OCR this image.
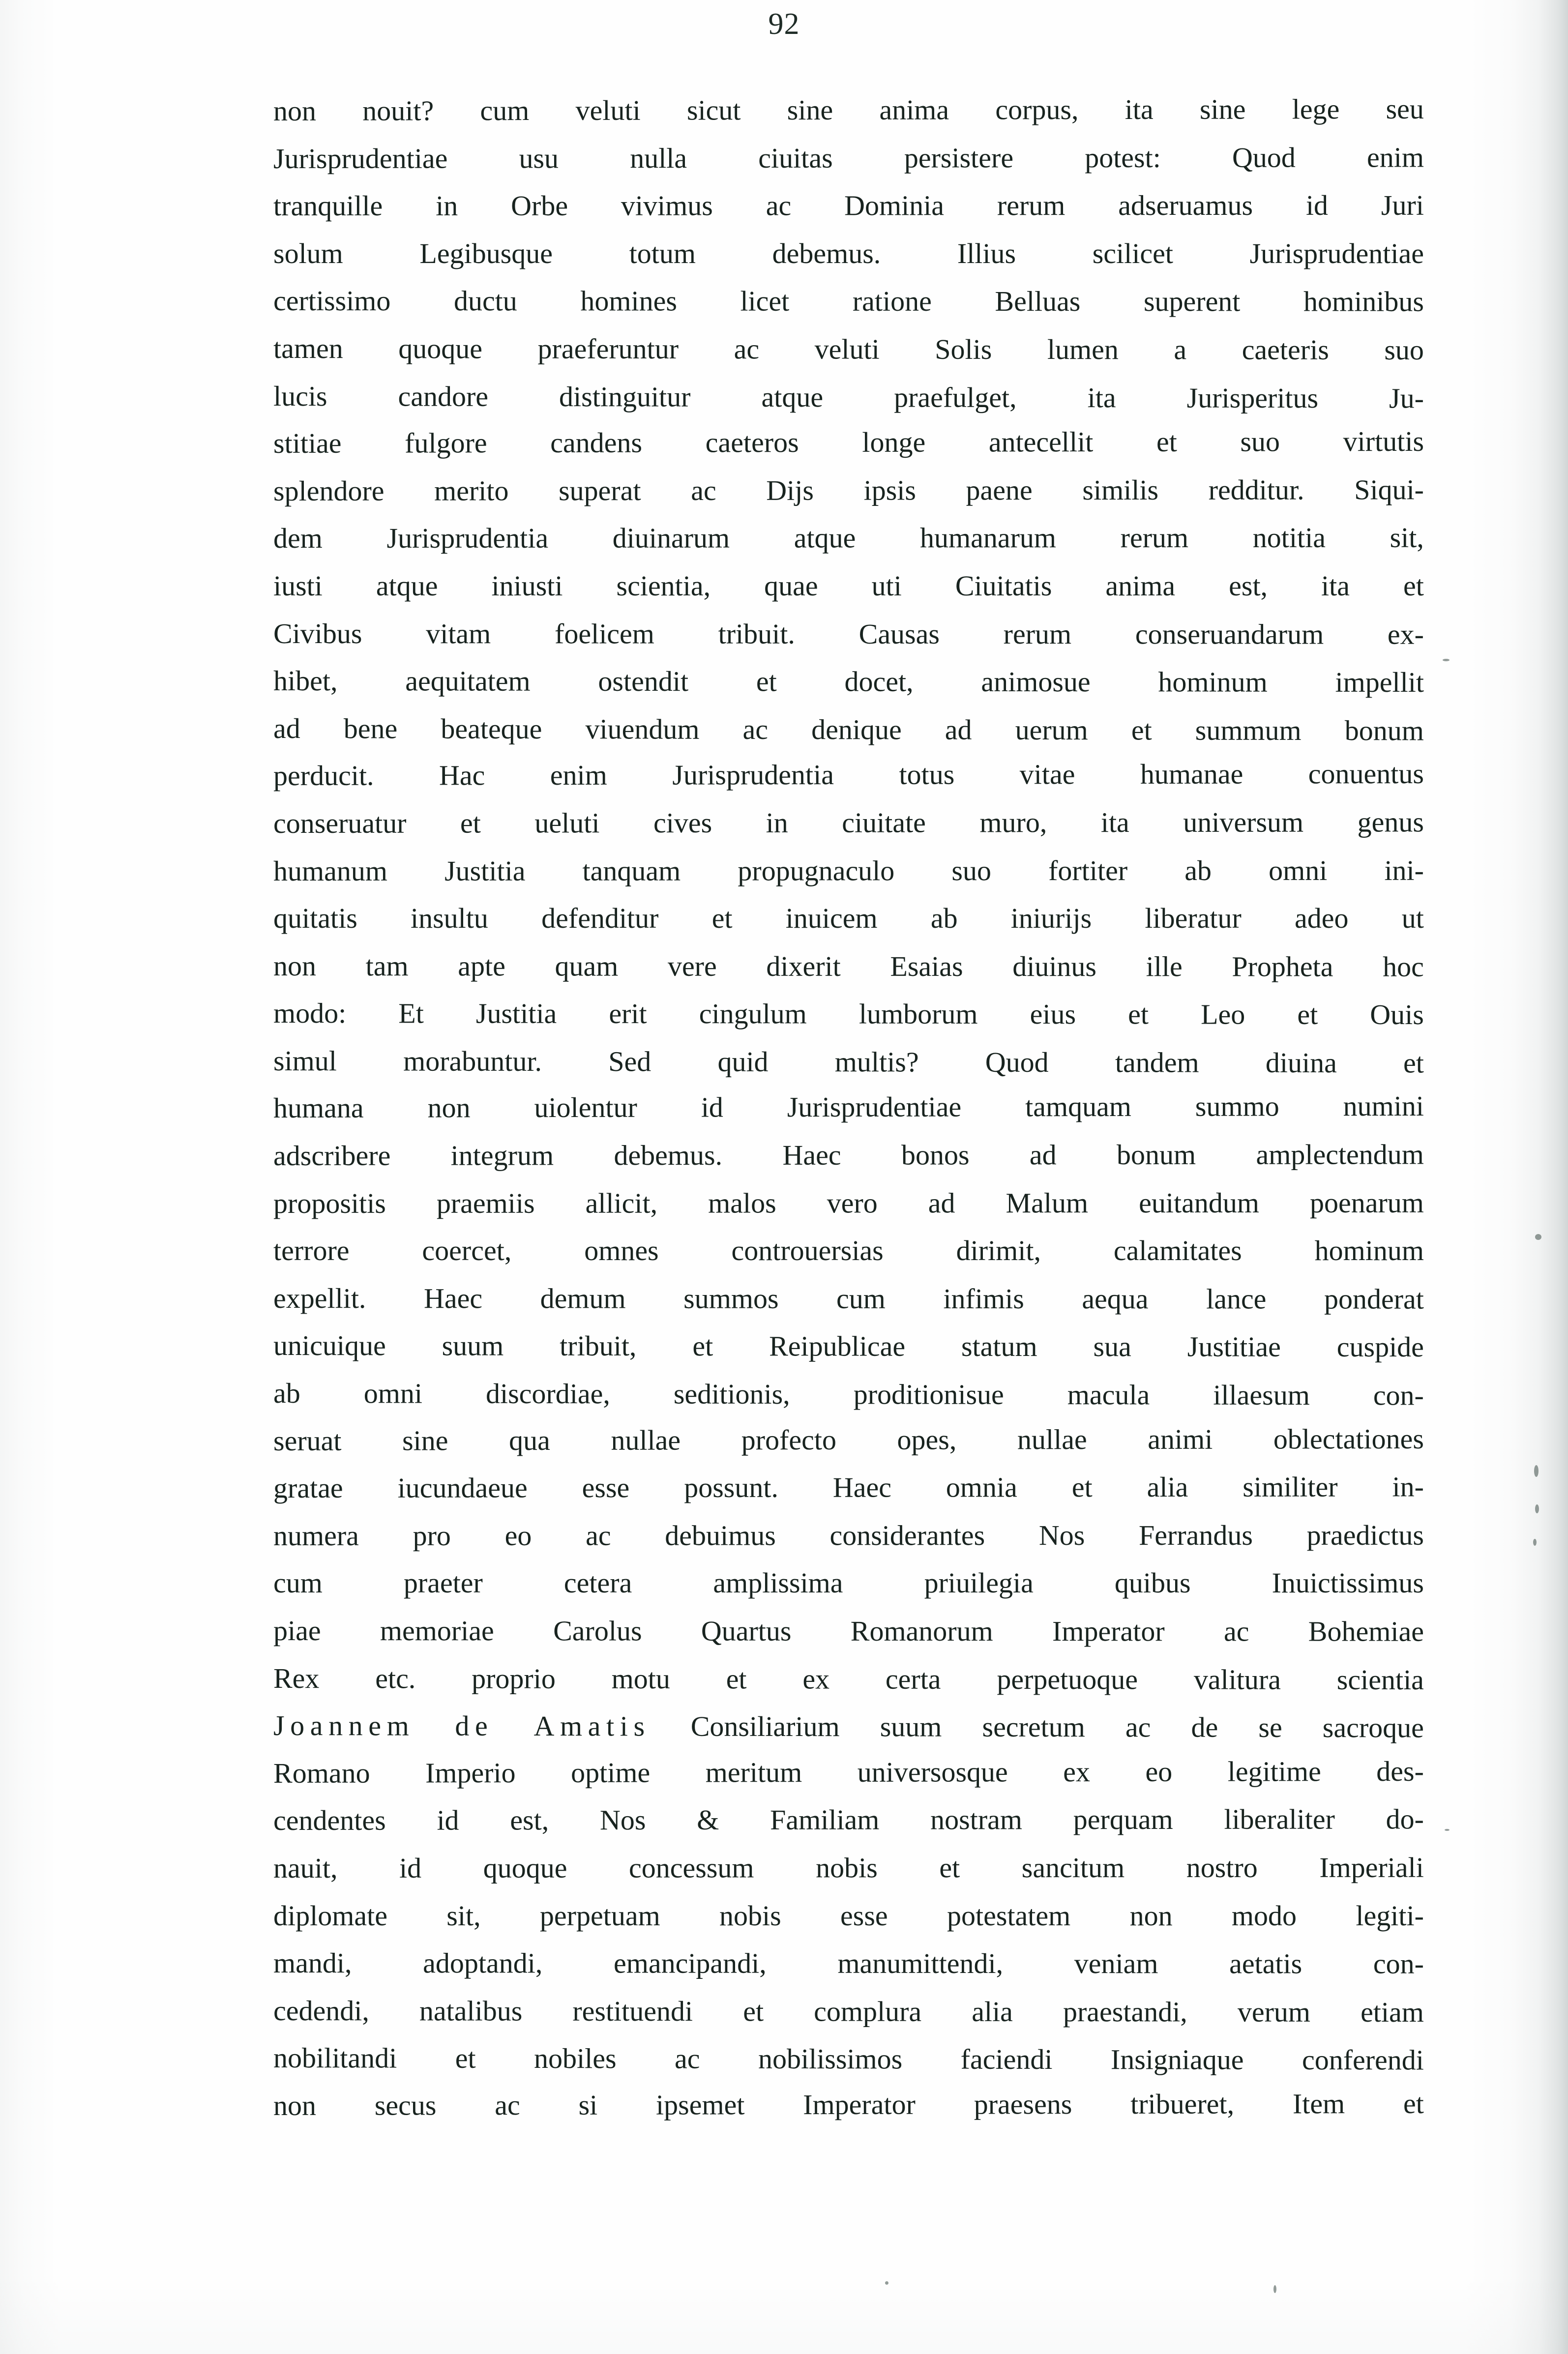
92
non nouit? cum veluti sicut sine anima corpus, ita sine lege seu
Jurisprudentiae	usu	nulla	ciuitas	persistere	potest:	Quod	enim
tranquille in Orbe vivimus ac Dominia rerum adseruamus id Juri
solum	Legibusque	totum	debemus.	Illius	scilicet	Jurisprudentiae
certissimo ductu homines licet ratione Belluas superent hominibus
tamen quoque praeferuntur ac veluti Solis lumen a caeteris suo
lucis candore distinguitur atque praefulget, ita Jurisperitus Ju-
stitiae fulgore candens caeteros longe antecellit et suo virtutis
splendore merito superat ac Dijs ipsis paene similis redditur. Siqui-
dem Jurisprudentia diuinarum atque humanarum rerum notitia sit,
iusti atque iniusti scientia, quae uti Ciuitatis anima est, ita et
Civibus vitam foelicem tribuit. Causas rerum conseruandarum ex-
hibet, aequitatem ostendit et docet, animosue hominum impellit
ad bene beateque viuendum ac denique ad uerum et summum bonum
perducit. Hac enim Jurisprudentia totus vitae humanae conuentus
conseruatur et ueluti cives in ciuitate muro, ita universum genus
humanum Justitia tanquam propugnaculo suo fortiter ab omni ini-
quitatis insultu defenditur et inuicem ab iniurijs liberatur adeo ut
non tam apte quam vere dixerit Esaias diuinus ille Propheta hoc
modo: Et Justitia erit cingulum lumborum eius et Leo et Ouis
simul morabuntur. Sed quid multis? Quod tandem diuina et
humana non uiolentur id Jurisprudentiae tamquam summo numini
adscribere integrum debemus. Haec bonos ad bonum amplectendum
propositis praemiis allicit, malos vero ad Malum euitandum poenarum
terrore	coercet,	omnes	controuersias	dirimit,	calamitates	hominum
expellit. Haec demum summos cum infimis aequa lance ponderat
unicuique suum tribuit, et Reipublicae statum sua Justitiae cuspide
ab omni discordiae, seditionis, proditionisue macula illaesum con-
seruat sine qua nullae profecto opes, nullae animi oblectationes
gratae iucundaeue esse possunt. Haec omnia et alia similiter in-
numera pro eo ac debuimus considerantes Nos Ferrandus praedictus
cum	praeter	cetera	amplissima	priuilegia	quibus	Inuictissimus
piae memoriae Carolus Quartus Romanorum Imperator ac Bohemiae
Rex etc. proprio motu et ex certa perpetuoque valitura scientia
Joannem de Amatis Consiliarium suum secretum ac de se sacroque
Romano Imperio optime meritum universosque ex eo legitime des-
cendentes id est, Nos & Familiam nostram perquam liberaliter do-
nauit, id quoque concessum nobis et sancitum nostro Imperiali
diplomate sit, perpetuam nobis esse potestatem non modo legiti-
mandi, adoptandi, emancipandi, manumittendi, veniam aetatis con-
cedendi, natalibus restituendi et complura alia praestandi, verum etiam
nobilitandi et nobiles ac nobilissimos faciendi Insigniaque conferendi
non secus ac si ipsemet Imperator praesens tribueret, Item et
